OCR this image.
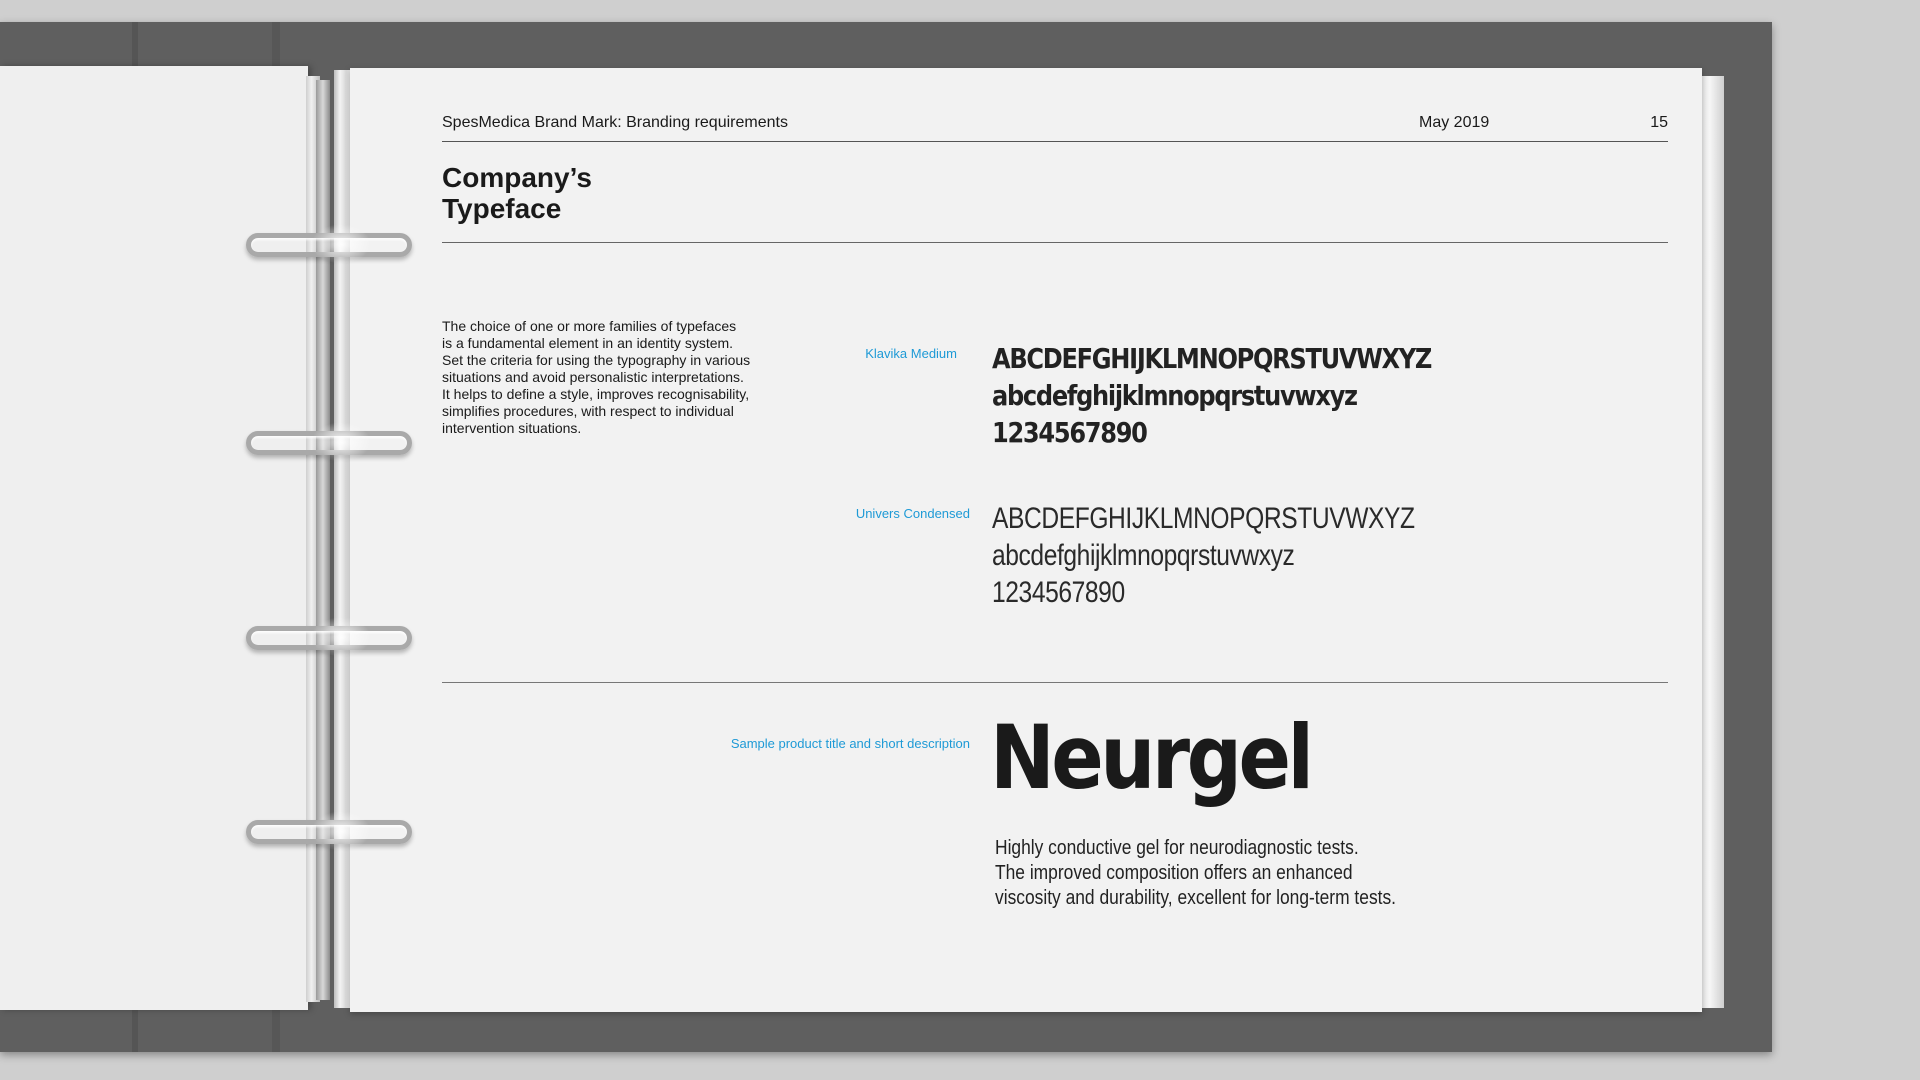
SpesMedica Brand Mark: Branding requirements	May 2019	15
Company’s
Typeface
The choice of one or more families of typefaces
is a fundamental element in an identity system.
Set the criteria for using the typography in various
situations and avoid personalistic interpretations.
It helps to define a style, improves recognisability,
simplifies procedures, with respect to individual
intervention situations.
Klavika Medium ABCDEFGHIJKLMNOPQRSTUVWXYZ
abcdefghijklmnopqrstuvwxyz
1234567890
Univers Condensed ABCDEFGHIJKLMNOPQRSTUVWXYZ
abcdefghijklmnopqrstuvwxyz
1234567890
Sample product title and short description Neurgel
Highly conductive gel for neurodiagnostic tests.
The improved composition offers an enhanced
viscosity and durability, excellent for long-term tests.
